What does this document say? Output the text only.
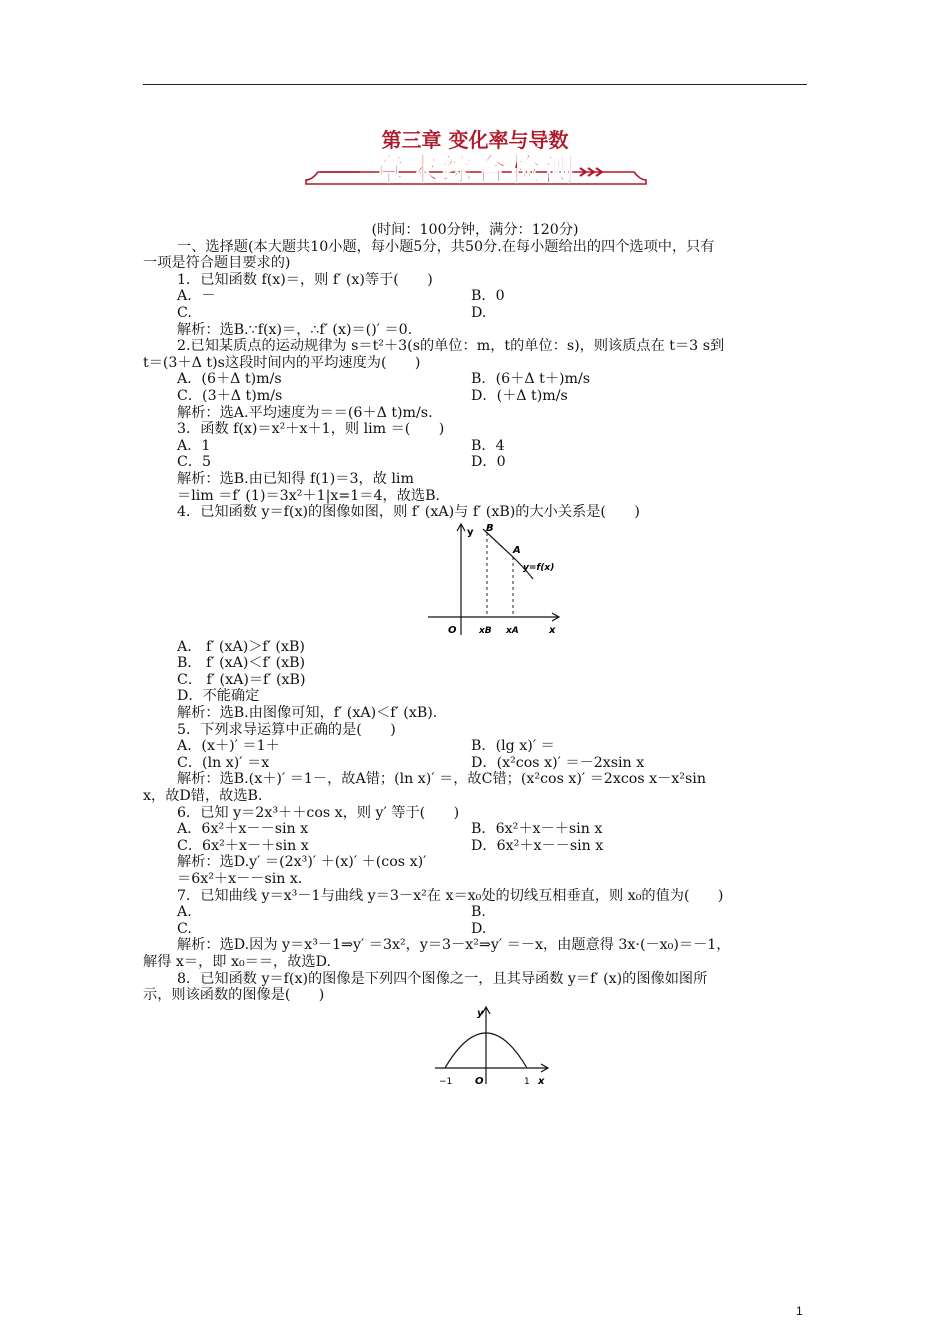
第三章 变化率与导数
章末综合检测
(时间：100分钟，满分：120分)
一、选择题(本大题共10小题，每小题5分，共50分.在每小题给出的四个选项中，只有
一项是符合题目要求的)
1．已知函数 f(x)＝，则 f′ (x)等于(　　)
A．－	B．0
C.	D.
解析：选B.∵f(x)＝，∴f′ (x)＝()′ ＝0.
2.已知某质点的运动规律为 s＝t²＋3(s的单位：m，t的单位：s)，则该质点在 t＝3 s到
t＝(3＋Δ t)s这段时间内的平均速度为(　　)
A．(6＋Δ t)m/s	B．(6＋Δ t＋)m/s
C．(3＋Δ t)m/s	D．(＋Δ t)m/s
解析：选A.平均速度为＝＝(6＋Δ t)m/s.
3．函数 f(x)＝x²＋x＋1，则 lim ＝(　　)
A．1	B．4
C．5	D．0
解析：选B.由已知得 f(1)＝3，故 lim
＝lim ＝f′ (1)＝3x²＋1|x=1＝4，故选B.
4．已知函数 y＝f(x)的图像如图，则 f′ (xA)与 f′ (xB)的大小关系是(　　)
y
x
O
B
A
y=f(x)
xB xA
A． f′ (xA)＞f′ (xB)
B． f′ (xA)＜f′ (xB)
C． f′ (xA)＝f′ (xB)
D．不能确定
解析：选B.由图像可知，f′ (xA)＜f′ (xB).
5．下列求导运算中正确的是(　　)
A．(x＋)′ ＝1＋	B．(lg x)′ ＝
C．(ln x)′ ＝x	D．(x²cos x)′ ＝－2xsin x
解析：选B.(x＋)′ ＝1－，故A错；(ln x)′ ＝，故C错；(x²cos x)′ ＝2xcos x－x²sin
x，故D错，故选B.
6．已知 y＝2x³＋＋cos x，则 y′ 等于(　　)
A．6x²＋x－－sin x	B．6x²＋x－＋sin x
C．6x²＋x－＋sin x	D．6x²＋x－－sin x
解析：选D.y′ ＝(2x³)′ ＋(x)′ ＋(cos x)′
＝6x²＋x－－sin x.
7．已知曲线 y＝x³－1与曲线 y＝3－x²在 x＝x₀处的切线互相垂直，则 x₀的值为(　　)
A.	B.
C.	D.
解析：选D.因为 y＝x³－1⇒y′ ＝3x²，y＝3－x²⇒y′ ＝－x，由题意得 3x·(－x₀)＝－1，
解得 x＝，即 x₀＝＝，故选D.
8．已知函数 y＝f(x)的图像是下列四个图像之一，且其导函数 y＝f′ (x)的图像如图所
示，则该函数的图像是(　　)
y
x
O
−1	1
1
